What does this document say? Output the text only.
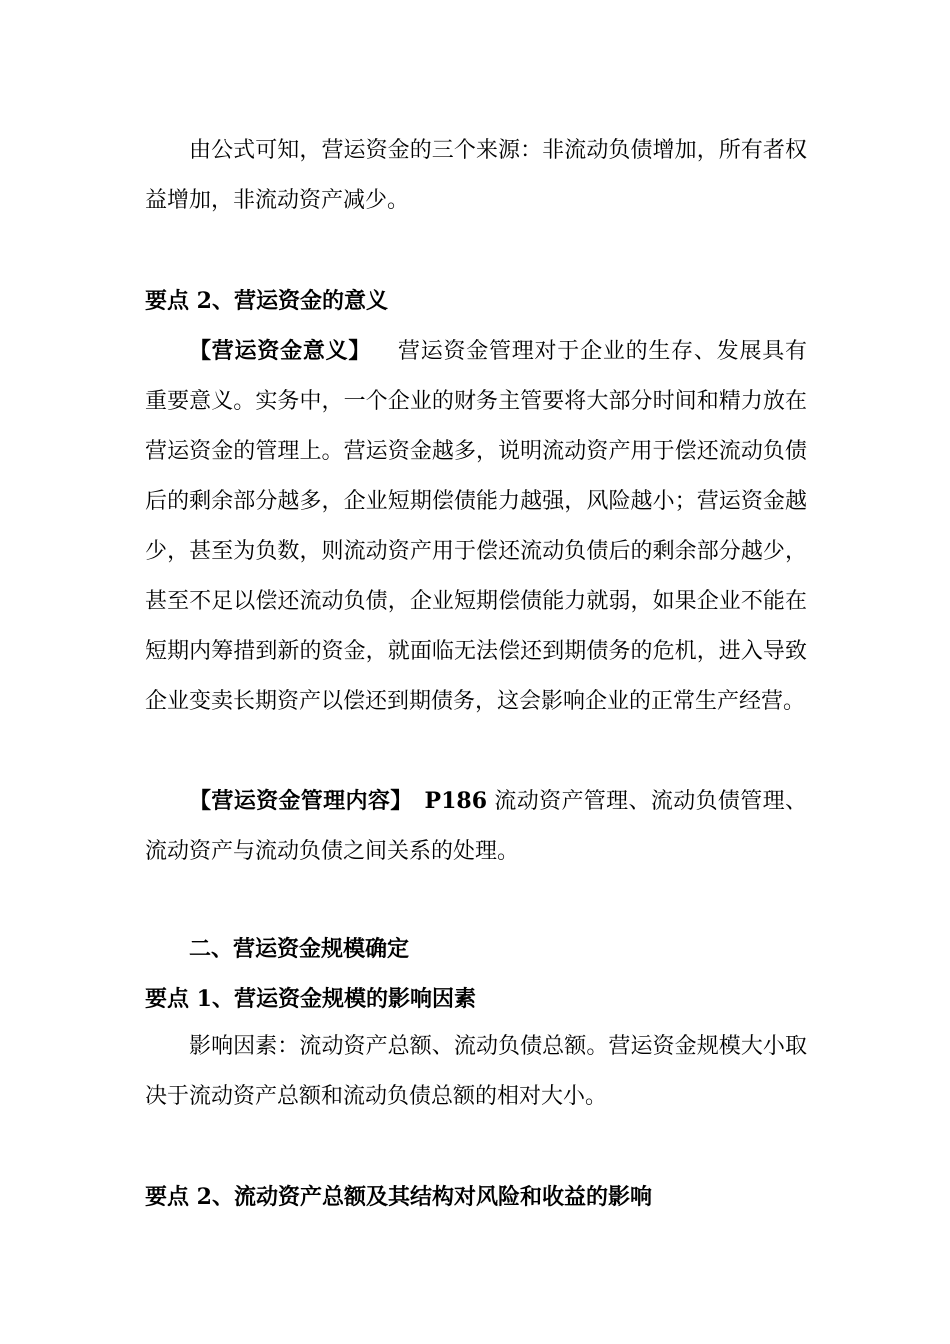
由公式可知，营运资金的三个来源：非流动负债增加，所有者权益增加，非流动资产减少。

要点 2、营运资金的意义

【营运资金意义】 营运资金管理对于企业的生存、发展具有重要意义。实务中，一个企业的财务主管要将大部分时间和精力放在营运资金的管理上。营运资金越多，说明流动资产用于偿还流动负债后的剩余部分越多，企业短期偿债能力越强，风险越小；营运资金越少，甚至为负数，则流动资产用于偿还流动负债后的剩余部分越少，甚至不足以偿还流动负债，企业短期偿债能力就弱，如果企业不能在短期内筹措到新的资金，就面临无法偿还到期债务的危机，进入导致企业变卖长期资产以偿还到期债务，这会影响企业的正常生产经营。

【营运资金管理内容】 P186 流动资产管理、流动负债管理、流动资产与流动负债之间关系的处理。

二、营运资金规模确定
要点 1、营运资金规模的影响因素

影响因素：流动资产总额、流动负债总额。营运资金规模大小取决于流动资产总额和流动负债总额的相对大小。

要点 2、流动资产总额及其结构对风险和收益的影响
